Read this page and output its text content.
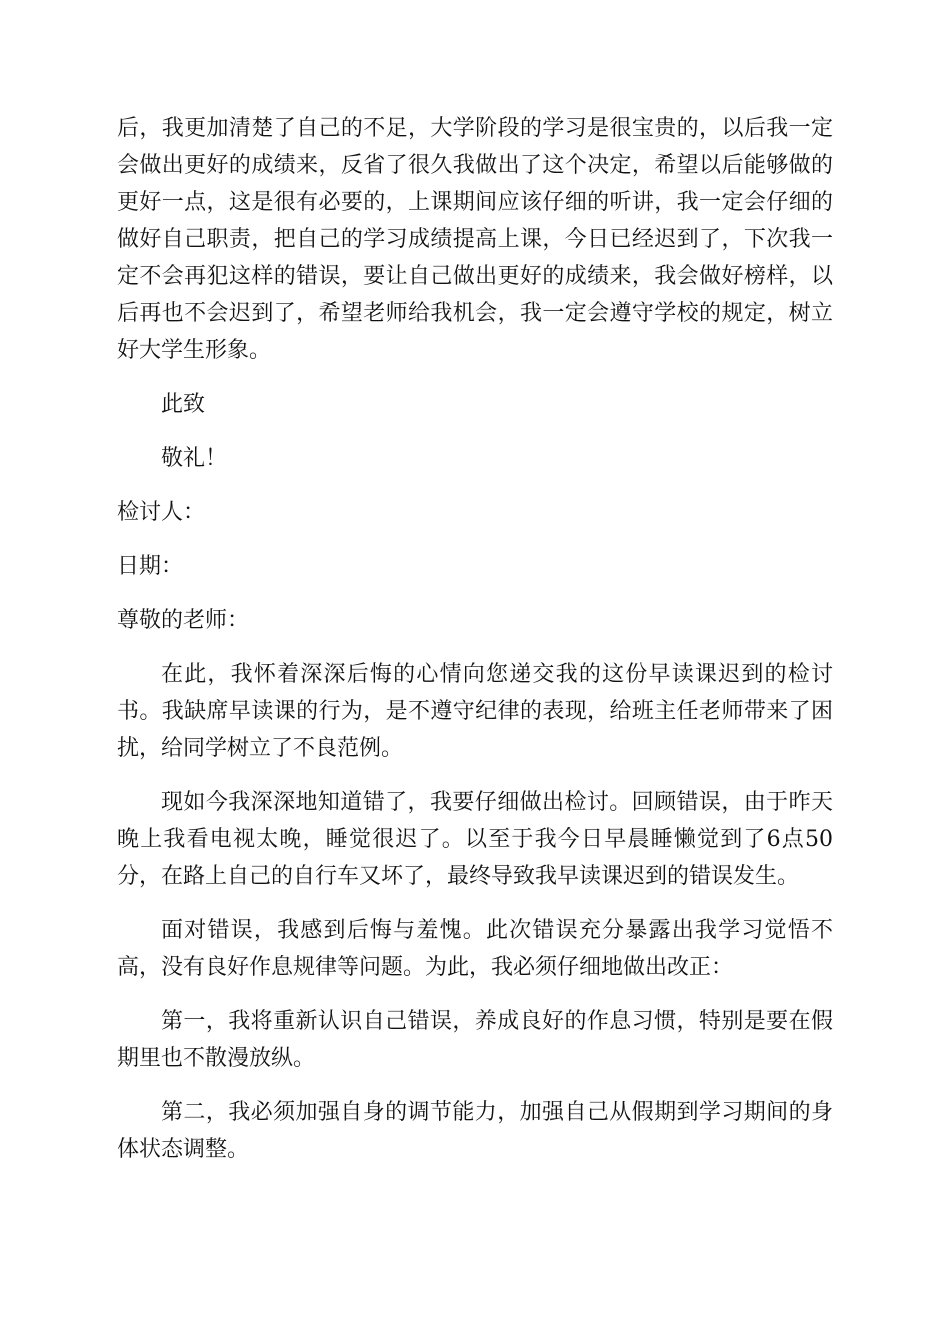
后，我更加清楚了自己的不足，大学阶段的学习是很宝贵的，以后我一定会做出更好的成绩来，反省了很久我做出了这个决定，希望以后能够做的更好一点，这是很有必要的，上课期间应该仔细的听讲，我一定会仔细的做好自己职责，把自己的学习成绩提高上课，今日已经迟到了，下次我一定不会再犯这样的错误，要让自己做出更好的成绩来，我会做好榜样，以后再也不会迟到了，希望老师给我机会，我一定会遵守学校的规定，树立好大学生形象。

此致

敬礼！

检讨人：

日期：

尊敬的老师：

在此，我怀着深深后悔的心情向您递交我的这份早读课迟到的检讨书。我缺席早读课的行为，是不遵守纪律的表现，给班主任老师带来了困扰，给同学树立了不良范例。

现如今我深深地知道错了，我要仔细做出检讨。回顾错误，由于昨天晚上我看电视太晚，睡觉很迟了。以至于我今日早晨睡懒觉到了6点50分，在路上自己的自行车又坏了，最终导致我早读课迟到的错误发生。

面对错误，我感到后悔与羞愧。此次错误充分暴露出我学习觉悟不高，没有良好作息规律等问题。为此，我必须仔细地做出改正：

第一，我将重新认识自己错误，养成良好的作息习惯，特别是要在假期里也不散漫放纵。

第二，我必须加强自身的调节能力，加强自己从假期到学习期间的身体状态调整。
